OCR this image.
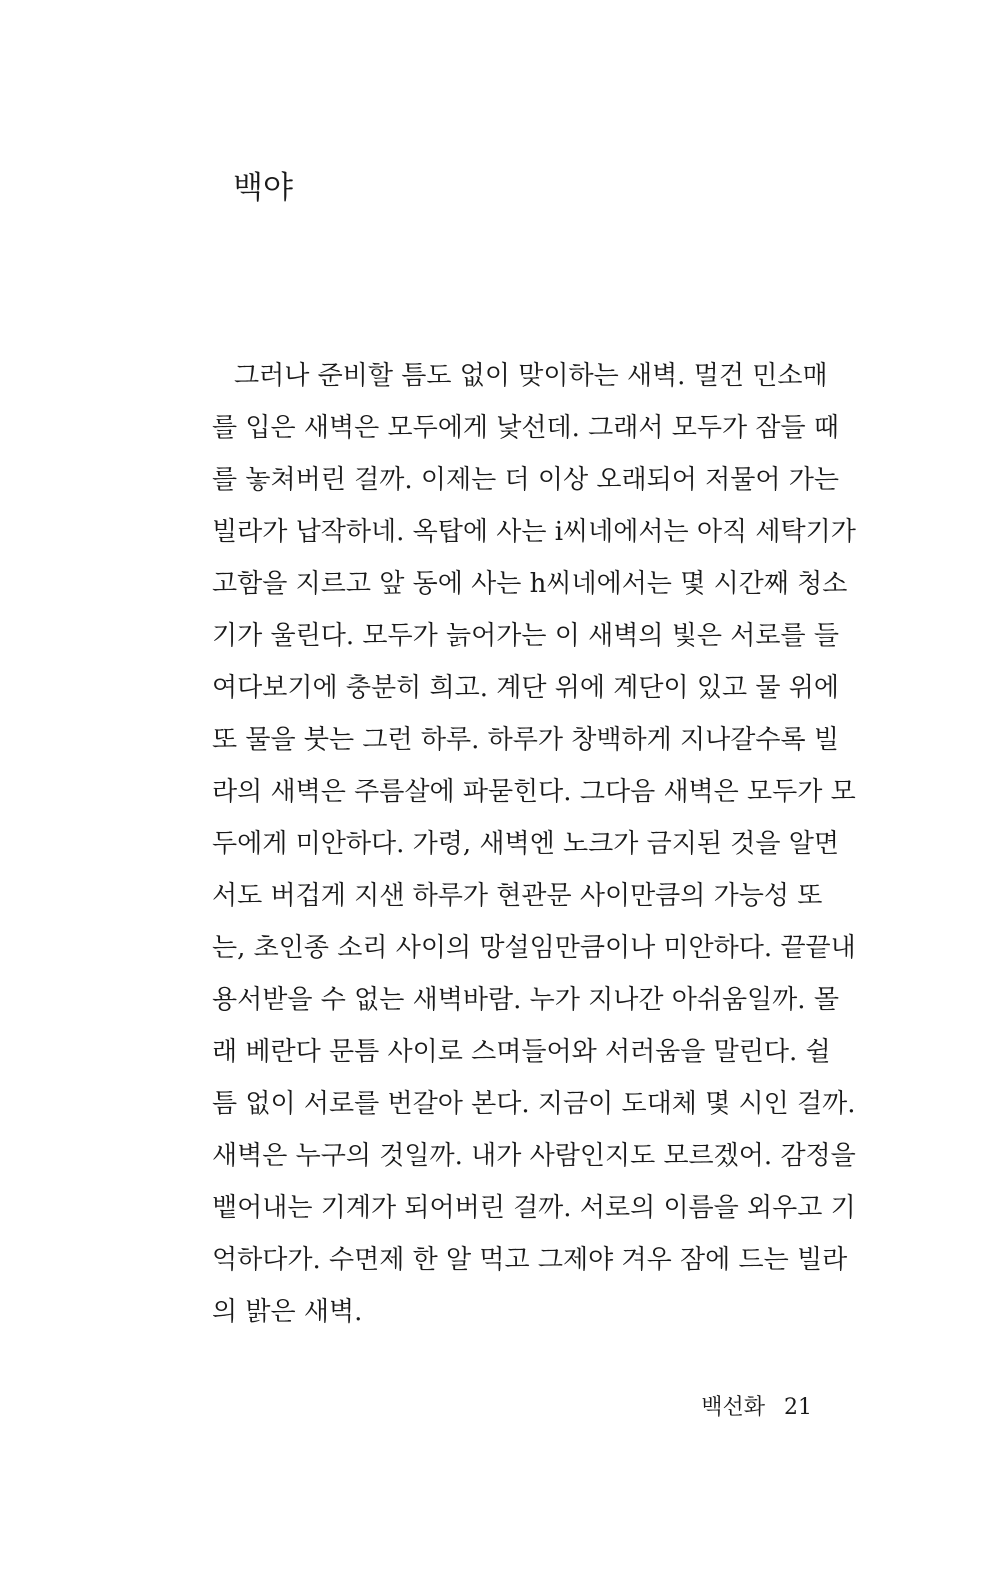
백야
그러나 준비할 틈도 없이 맞이하는 새벽. 멀건 민소매
를 입은 새벽은 모두에게 낯선데. 그래서 모두가 잠들 때
를 놓쳐버린 걸까. 이제는 더 이상 오래되어 저물어 가는
빌라가 납작하네. 옥탑에 사는 i씨네에서는 아직 세탁기가
고함을 지르고 앞 동에 사는 h씨네에서는 몇 시간째 청소
기가 울린다. 모두가 늙어가는 이 새벽의 빛은 서로를 들
여다보기에 충분히 희고. 계단 위에 계단이 있고 물 위에
또 물을 붓는 그런 하루. 하루가 창백하게 지나갈수록 빌
라의 새벽은 주름살에 파묻힌다. 그다음 새벽은 모두가 모
두에게 미안하다. 가령, 새벽엔 노크가 금지된 것을 알면
서도 버겁게 지샌 하루가 현관문 사이만큼의 가능성 또
는, 초인종 소리 사이의 망설임만큼이나 미안하다. 끝끝내
용서받을 수 없는 새벽바람. 누가 지나간 아쉬움일까. 몰
래 베란다 문틈 사이로 스며들어와 서러움을 말린다. 쉴
틈 없이 서로를 번갈아 본다. 지금이 도대체 몇 시인 걸까.
새벽은 누구의 것일까. 내가 사람인지도 모르겠어. 감정을
뱉어내는 기계가 되어버린 걸까. 서로의 이름을 외우고 기
억하다가. 수면제 한 알 먹고 그제야 겨우 잠에 드는 빌라
의 밝은 새벽.
백선화 21
